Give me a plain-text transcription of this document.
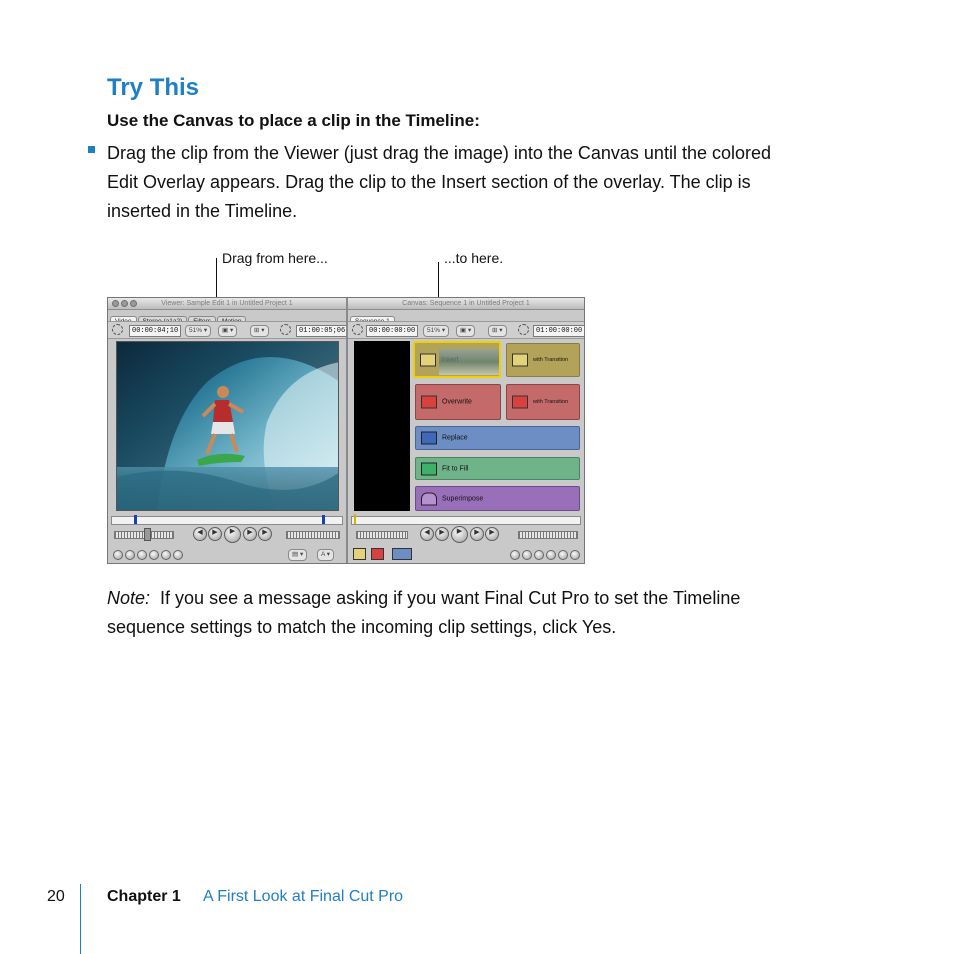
Try This
Use the Canvas to place a clip in the Timeline:
Drag the clip from the Viewer (just drag the image) into the Canvas until the colored
Edit Overlay appears. Drag the clip to the Insert section of the overlay. The clip is
inserted in the Timeline.
Drag from here...	...to here.
Viewer: Sample Edit 1 in Untitled Project 1
00:00:04;10	51% ▾	▣ ▾	⊞ ▾	01:00:05;06
◀	▶	▶	▶	▶
▤ ▾	A ▾
Canvas: Sequence 1 in Untitled Project 1
00:00:00:00	51% ▾	▣ ▾	⊞ ▾	01:00:00:00
with Transition
Overwrite	with Transition
Replace
Fit to Fill
Superimpose
◀	▶	▶	▶	▶
Note: If you see a message asking if you want Final Cut Pro to set the Timeline
sequence settings to match the incoming clip settings, click Yes.
20	Chapter 1 A First Look at Final Cut Pro
